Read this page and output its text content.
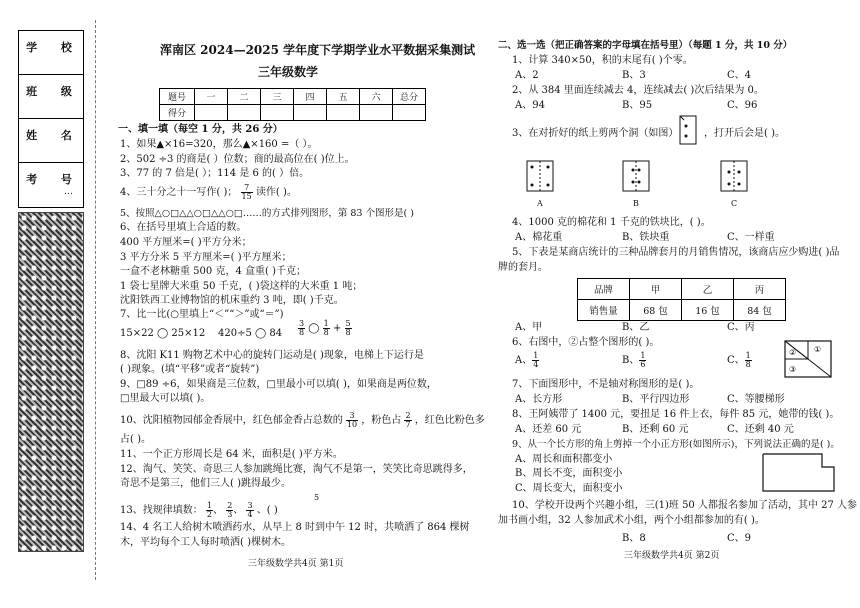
学 校
班 级
姓 名
考 号
…
浑南区 2024—2025 学年度下学期学业水平数据采集测试
三年级数学
题号	一	二	三	四	五	六	总分
得分							
一、填一填（每空 1 分，共 26 分）
1、如果▲×16=320，那么▲×160 =（ ）。
2、502 ÷3 的商是( ）位数；商的最高位在( )位上。
3、77 的 7 倍是( ）；114 是 6 的( ）倍。
4、三十分之十一写作( )； $\frac{7}{15}$ 读作( )。
5、按照△○□△△○□△△○□……的方式排列图形，第 83 个图形是( )
6、在括号里填上合适的数。
400 平方厘米=( )平方分米；
3 平方分米 5 平方厘米=( )平方厘米；
一盒不老林糖重 500 克，4 盒重( )千克；
1 袋七星牌大米重 50 千克，( )袋这样的大米重 1 吨；
沈阳铁西工业博物馆的机床重约 3 吨，即( )千克。
7、比一比(○里填上“＜”“＞”或“＝”)
15×22 ◯ 25×12 420÷5 ◯ $84 \frac{3}{8}$ ◯ $\frac{1}{8} + \frac{5}{8}$
8、沈阳 K11 购物艺术中心的旋转门运动是( )现象，电梯上下运行是
( )现象。(填“平移”或者“旋转”)
9、□89 ÷6，如果商是三位数，□里最小可以填( )，如果商是两位数，
□里最大可以填( )。
10、沈阳植物园郁金香展中，红色郁金香占总数的 $\frac{3}{10}$ ，粉色占 $\frac{2}{7}$ ，红色比粉色多
占( )。
11、一个正方形周长是 64 米，面积是( )平方米。
12、淘气、笑笑、奇思三人参加跳绳比赛，淘气不是第一，笑笑比奇思跳得多，
奇思不是第三，他们三人( )跳得最少。
5
13、找规律填数： $\frac{1}{2}$ 、 $\frac{2}{3}$ 、 $\frac{3}{4}$ 、( )
14、4 名工人给树木喷洒药水，从早上 8 时到中午 12 时，共喷洒了 864 棵树
木，平均每个工人每时喷洒( )棵树木。
三年级数学共4页 第1页
二、选一选（把正确答案的字母填在括号里）（每题 1 分，共 10 分）
1、计算 340×50，积的末尾有( )个零。
A、2	B、3	C、4
2、从 384 里面连续减去 4，连续减去( )次后结果为 0。
A、94	B、95	C、96
3、在对折好的纸上剪两个洞（如图）	，打开后会是( )。
A	B	C
4、1000 克的棉花和 1 千克的铁块比，( )。
A、棉花重	B、铁块重	C、一样重
5、下表是某商店统计的三种品牌套月的月销售情况，该商店应少购进( )品
牌的套月。
品牌	甲	乙	丙
销售量	68 包	16 包	84 包
A、甲	B、乙	C、丙
6、右图中，②占整个图形的( )。
A、 $\frac{1}{4}$	B、 $\frac{1}{6}$	C、 $\frac{1}{8}$	② ①
③
7、下面图形中，不是轴对称图形的是( )。
A、长方形	B、平行四边形	C、等腰梯形
8、王阿姨带了 1400 元，要扭足 16 件上衣，每件 85 元，她带的钱( )。
A、还差 60 元	B、还剩 60 元	C、还剩 40 元
9、从一个长方形的角上剪掉一个小正方形(如图所示)，下列说法正确的是( )。
A、周长和面积都变小
B、周长不变，面积变小
C、周长变大，面积变小
10、学校开设两个兴趣小组，三(1)班 50 人都报名参加了活动，其中 27 人参
加书画小组，32 人参加武术小组，两个小组都参加的有( )。
B、8	C、9
三年级数学共4页 第2页
